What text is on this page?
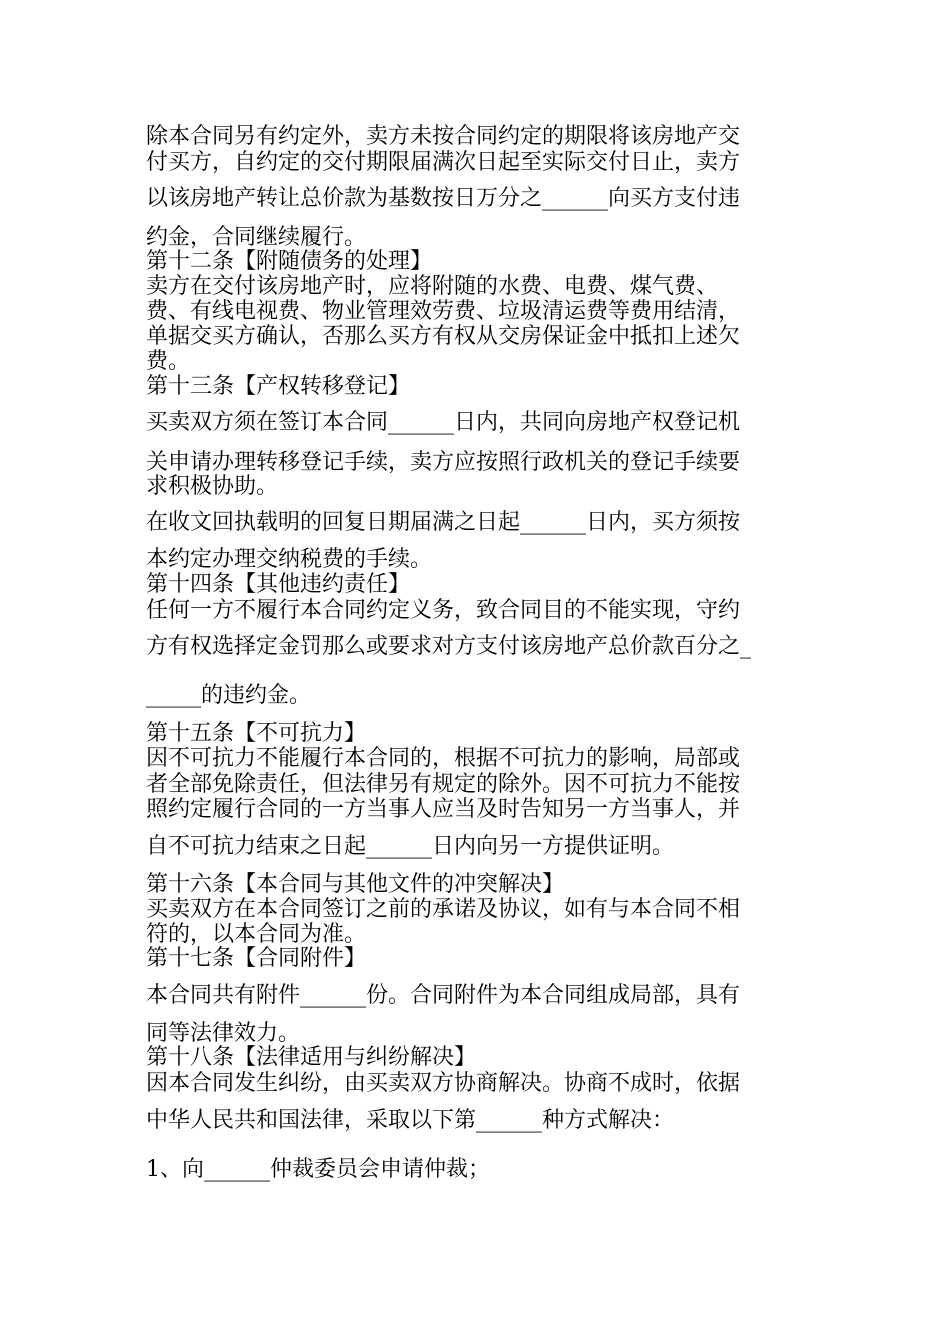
除本合同另有约定外，卖方未按合同约定的期限将该房地产交
付买方，自约定的交付期限届满次日起至实际交付日止，卖方
以该房地产转让总价款为基数按日万分之______向买方支付违
约金，合同继续履行。
第十二条【附随债务的处理】
卖方在交付该房地产时，应将附随的水费、电费、煤气费、
费、有线电视费、物业管理效劳费、垃圾清运费等费用结清，
单据交买方确认，否那么买方有权从交房保证金中抵扣上述欠
费。
第十三条【产权转移登记】
买卖双方须在签订本合同______日内，共同向房地产权登记机
关申请办理转移登记手续，卖方应按照行政机关的登记手续要
求积极协助。
在收文回执载明的回复日期届满之日起______日内，买方须按
本约定办理交纳税费的手续。
第十四条【其他违约责任】
任何一方不履行本合同约定义务，致合同目的不能实现，守约
方有权选择定金罚那么或要求对方支付该房地产总价款百分之_
_____的违约金。
第十五条【不可抗力】
因不可抗力不能履行本合同的，根据不可抗力的影响，局部或
者全部免除责任，但法律另有规定的除外。因不可抗力不能按
照约定履行合同的一方当事人应当及时告知另一方当事人，并
自不可抗力结束之日起______日内向另一方提供证明。
第十六条【本合同与其他文件的冲突解决】
买卖双方在本合同签订之前的承诺及协议，如有与本合同不相
符的，以本合同为准。
第十七条【合同附件】
本合同共有附件______份。合同附件为本合同组成局部，具有
同等法律效力。
第十八条【法律适用与纠纷解决】
因本合同发生纠纷，由买卖双方协商解决。协商不成时，依据
中华人民共和国法律，采取以下第______种方式解决：
1、向______仲裁委员会申请仲裁；
